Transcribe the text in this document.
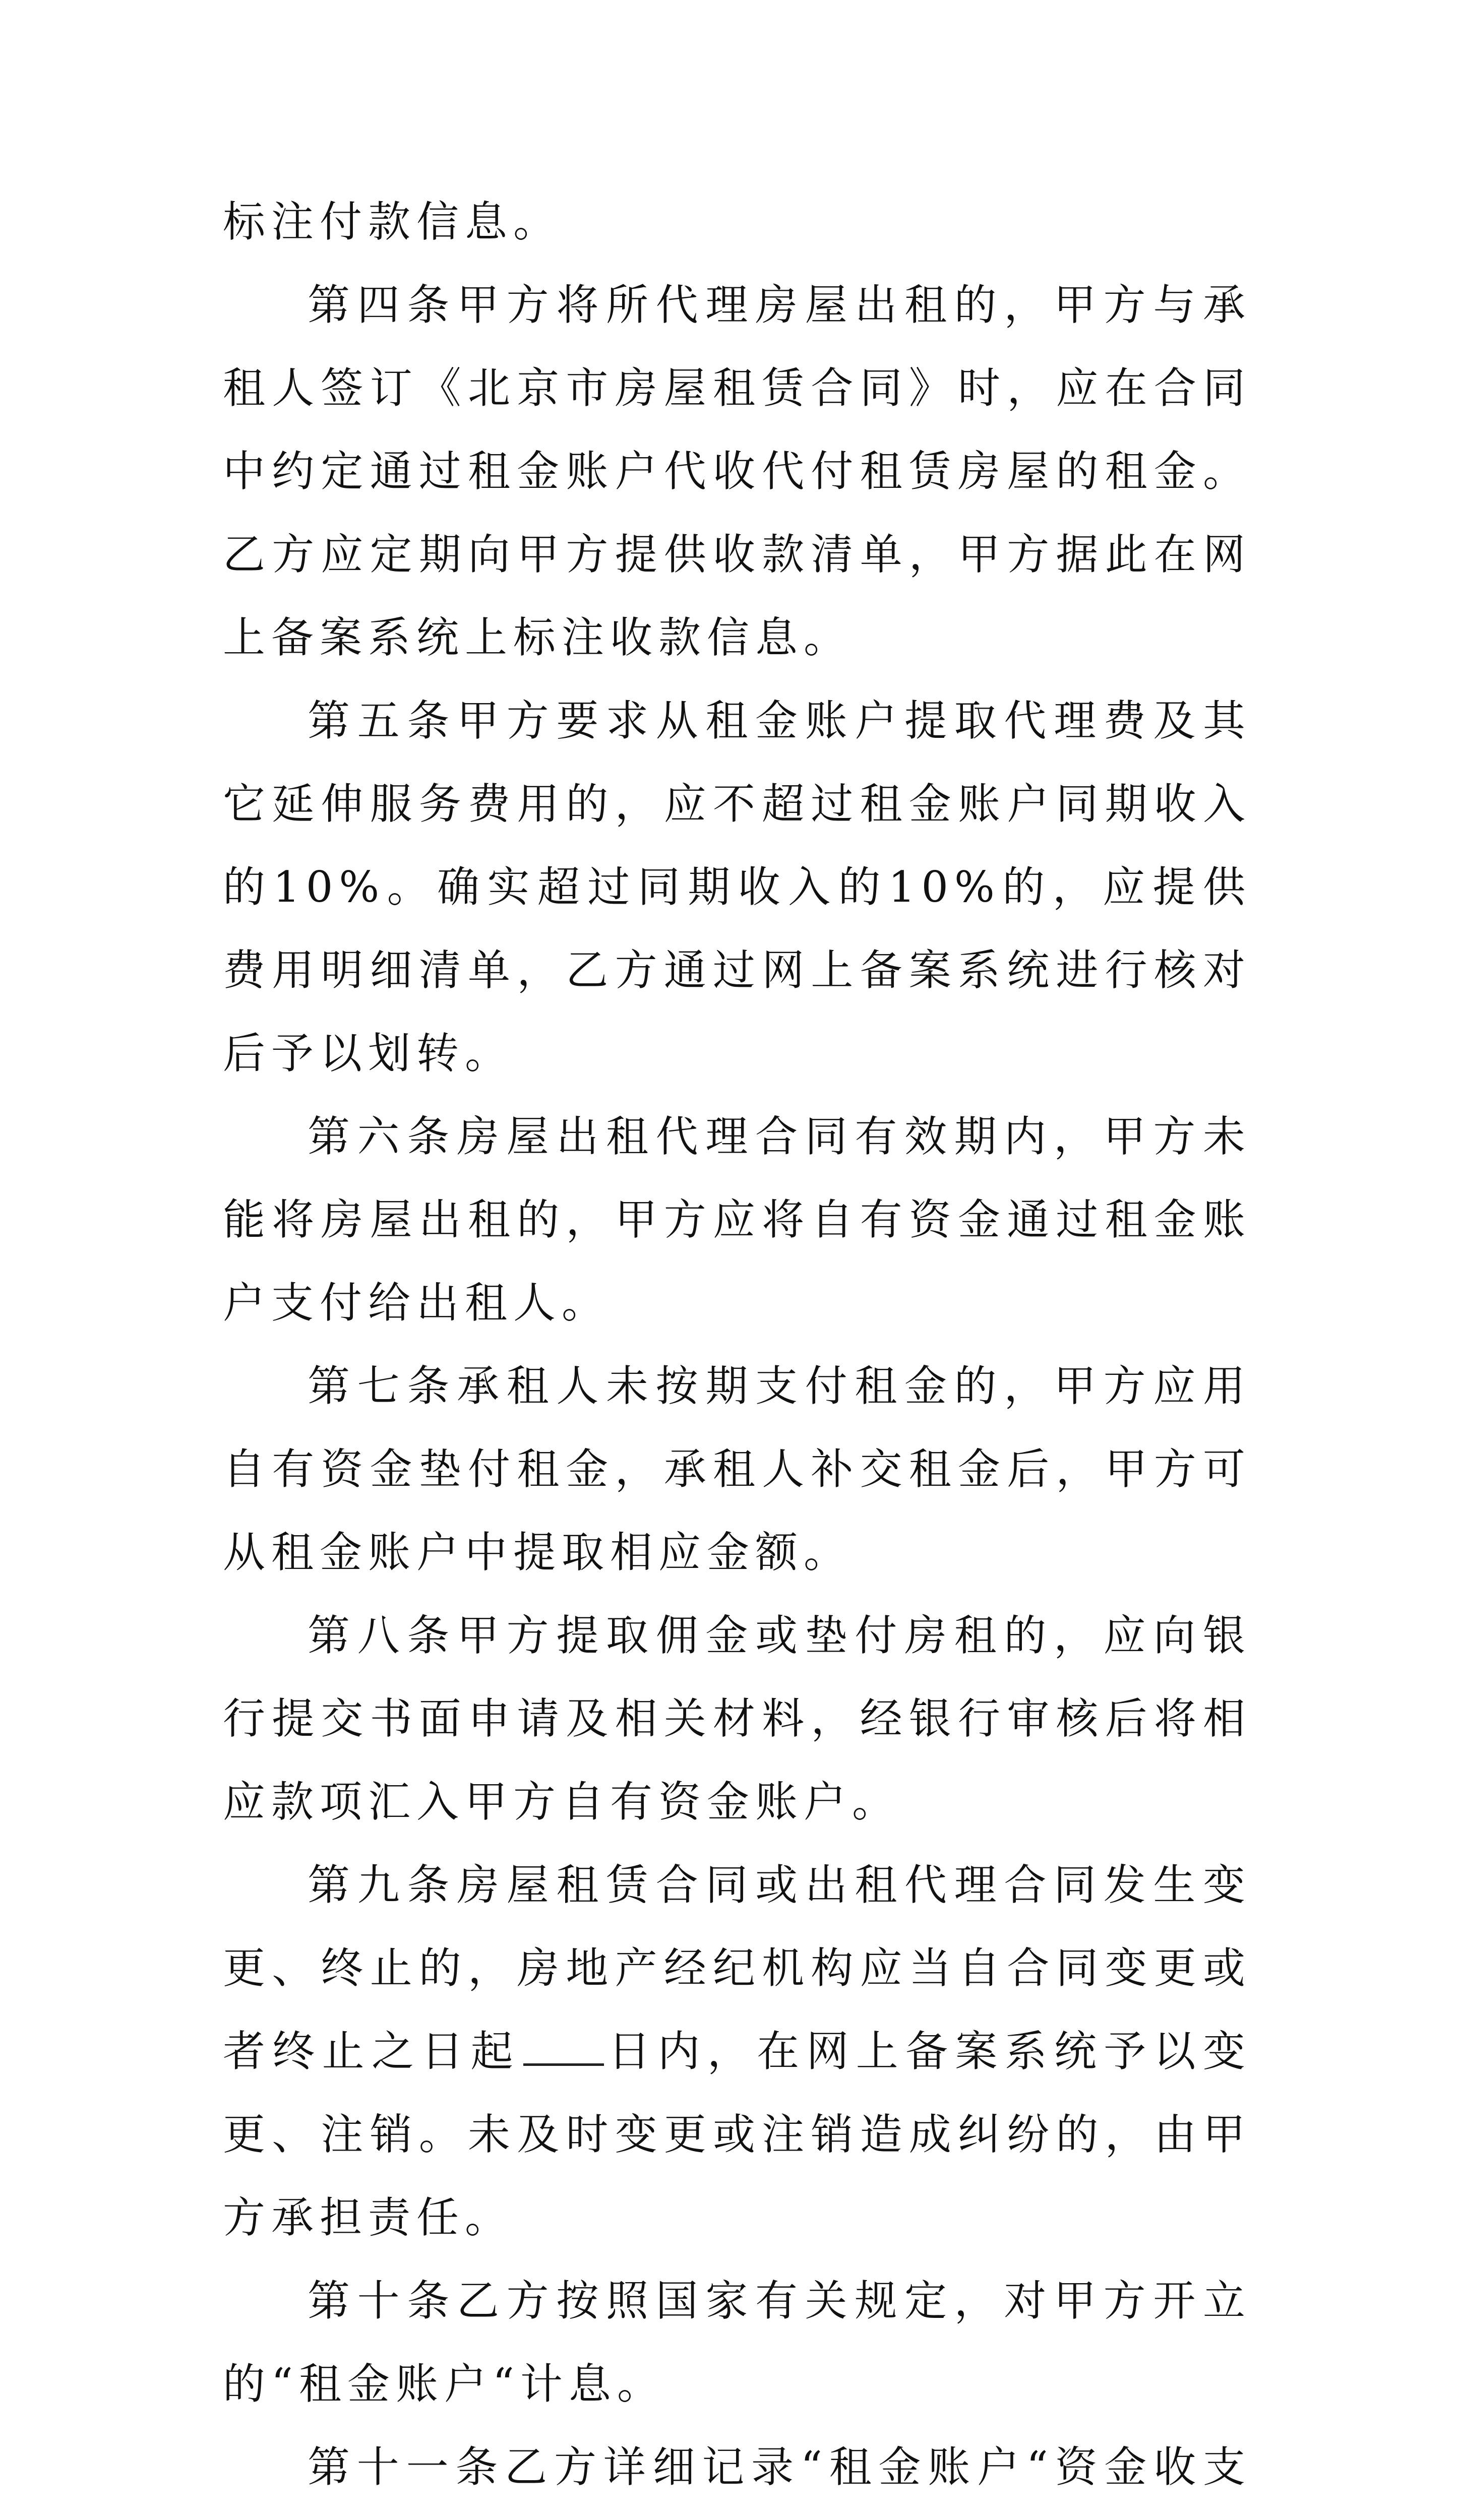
标注付款信息。

第四条甲方将所代理房屋出租的，甲方与承租人签订《北京市房屋租赁合同》时，应在合同中约定通过租金账户代收代付租赁房屋的租金。乙方应定期向甲方提供收款清单，甲方据此在网上备案系统上标注收款信息。

第五条甲方要求从租金账户提取代理费及其它延伸服务费用的，应不超过租金账户同期收入的10%。确实超过同期收入的10%的，应提供费用明细清单，乙方通过网上备案系统进行核对后予以划转。

第六条房屋出租代理合同有效期内，甲方未能将房屋出租的，甲方应将自有资金通过租金账户支付给出租人。

第七条承租人未按期支付租金的，甲方应用自有资金垫付租金，承租人补交租金后，甲方可从租金账户中提取相应金额。

第八条甲方提取佣金或垫付房租的，应向银行提交书面申请及相关材料，经银行审核后将相应款项汇入甲方自有资金账户。

第九条房屋租赁合同或出租代理合同发生变更、终止的，房地产经纪机构应当自合同变更或者终止之日起 日内，在网上备案系统予以变更、注销。未及时变更或注销造成纠纷的，由甲方承担责任。

第十条乙方按照国家有关规定，对甲方开立的“租金账户“计息。

第十一条乙方详细记录“租金账户“资金收支
